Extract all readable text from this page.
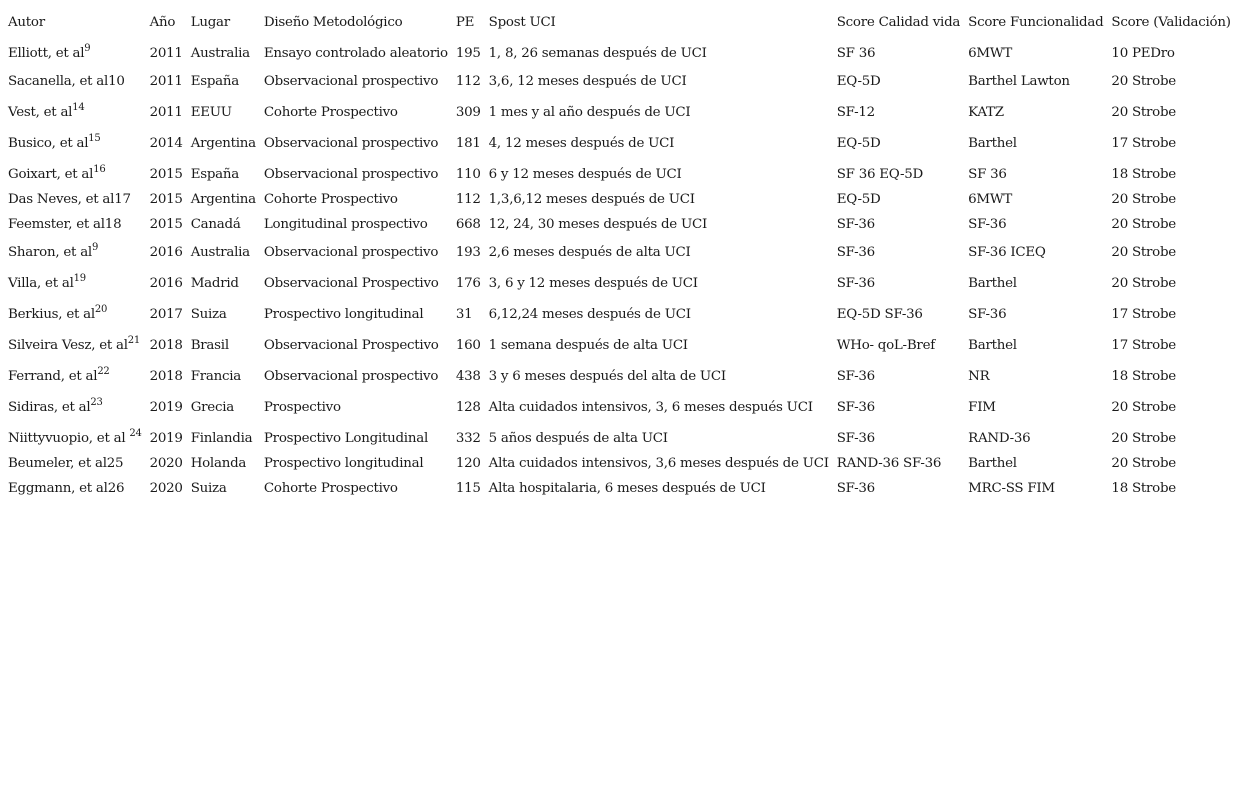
Autor	Año	Lugar	Diseño Metodológico	PE	Spost UCI	Score Calidad vida	Score Funcionalidad	Score (Validación)
Elliott, et $al^9$	2011	Australia	Ensayo controlado aleatorio	195	1, 8, 26 semanas después de UCI	SF 36	6MWT	10 PEDro
Sacanella, et al10	2011	España	Observacional prospectivo	112	3,6, 12 meses después de UCI	EQ-5D	Barthel Lawton	20 Strobe
Vest, et $al^{14}$	2011	EEUU	Cohorte Prospectivo	309	1 mes y al año después de UCI	SF-12	KATZ	20 Strobe
Busico, et $al^{15}$	2014	Argentina	Observacional prospectivo	181	4, 12 meses después de UCI	EQ-5D	Barthel	17 Strobe
Goixart, et $al^{16}$	2015	España	Observacional prospectivo	110	6 y 12 meses después de UCI	SF 36 EQ-5D	SF 36	18 Strobe
Das Neves, et al17	2015	Argentina	Cohorte Prospectivo	112	1,3,6,12 meses después de UCI	EQ-5D	6MWT	20 Strobe
Feemster, et al18	2015	Canadá	Longitudinal prospectivo	668	12, 24, 30 meses después de UCI	SF-36	SF-36	20 Strobe
Sharon, et $al^9$	2016	Australia	Observacional prospectivo	193	2,6 meses después de alta UCI	SF-36	SF-36 ICEQ	20 Strobe
Villa, et $al^{19}$	2016	Madrid	Observacional Prospectivo	176	3, 6 y 12 meses después de UCI	SF-36	Barthel	20 Strobe
Berkius, et $al^{20}$	2017	Suiza	Prospectivo longitudinal	31	6,12,24 meses después de UCI	EQ-5D SF-36	SF-36	17 Strobe
Silveira Vesz, et $al^{21}$	2018	Brasil	Observacional Prospectivo	160	1 semana después de alta UCI	WHo- qoL-Bref	Barthel	17 Strobe
Ferrand, et $al^{22}$	2018	Francia	Observacional prospectivo	438	3 y 6 meses después del alta de UCI	SF-36	NR	18 Strobe
Sidiras, et $al^{23}$	2019	Grecia	Prospectivo	128	Alta cuidados intensivos, 3, 6 meses después UCI	SF-36	FIM	20 Strobe
Niittyvuopio, et al $^{24}$	2019	Finlandia	Prospectivo Longitudinal	332	5 años después de alta UCI	SF-36	RAND-36	20 Strobe
Beumeler, et al25	2020	Holanda	Prospectivo longitudinal	120	Alta cuidados intensivos, 3,6 meses después de UCI	RAND-36 SF-36	Barthel	20 Strobe
Eggmann, et al26	2020	Suiza	Cohorte Prospectivo	115	Alta hospitalaria, 6 meses después de UCI	SF-36	MRC-SS FIM	18 Strobe
